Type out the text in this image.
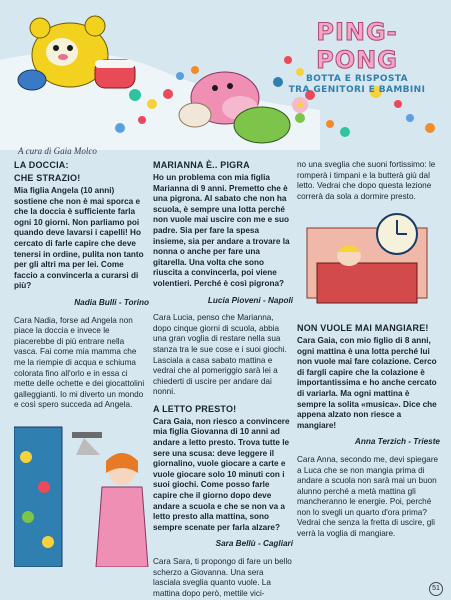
PING-PONG
BOTTA E RISPOSTA
TRA GENITORI E BAMBINI
A cura di Gaia Molco
LA DOCCIA:
CHE STRAZIO!

Mia figlia Angela (10 anni) sostiene che non è mai sporca e che la doccia è sufficiente farla ogni 10 giorni. Non parliamo poi quando deve lavarsi i capelli! Ho cercato di farle capire che deve tenersi in ordine, pulita non tanto per gli altri ma per lei. Come faccio a convincerla a curarsi di più?

Nadia Bulli - Torino

Cara Nadia, forse ad Angela non piace la doccia e invece le piacerebbe di più entrare nella vasca. Fai come mia mamma che me la riempie di acqua e schiuma colorata fino all'orlo e in essa ci mette delle ochette e dei giocattolini galleggianti. Io mi diverto un mondo e così spero succeda ad Angela.

MARIANNA È.. PIGRA

Ho un problema con mia figlia Marianna di 9 anni. Premetto che è una pigrona. Al sabato che non ha scuola, è sempre una lotta perché non vuole mai uscire con me e suo padre. Sia per fare la spesa insieme, sia per andare a trovare la nonna o anche per fare una gitarella. Una volta che sono riuscita a convincerla, poi viene volentieri. Perché è così pigrona?

Lucia Pioveni - Napoli

Cara Lucia, penso che Marianna, dopo cinque giorni di scuola, abbia una gran voglia di restare nella sua stanza tra le sue cose e i suoi giochi. Lasciala a casa sabato mattina e vedrai che al pomeriggio sarà lei a chiederti di uscire per andare dai nonni.

A LETTO PRESTO!

Cara Gaia, non riesco a convincere mia figlia Giovanna di 10 anni ad andare a letto presto. Trova tutte le sere una scusa: deve leggere il giornalino, vuole giocare a carte e vuole giocare solo 10 minuti con i suoi giochi. Come posso farle capire che il giorno dopo deve andare a scuola e che se non va a letto presto alla mattina, sono sempre scenate per farla alzare?

Sara Bellù - Cagliari

Cara Sara, ti propongo di fare un bello scherzo a Giovanna. Una sera lasciala sveglia quanto vuole. La mattina dopo però, mettile vici-

no una sveglia che suoni fortissimo: le romperà i timpani e la butterà giù dal letto. Vedrai che dopo questa lezione correrà da sola a dormire presto.

NON VUOLE MAI MANGIARE!

Cara Gaia, con mio figlio di 8 anni, ogni mattina è una lotta perché lui non vuole mai fare colazione. Cerco di fargli capire che la colazione è importantissima e ho anche cercato di variarla. Ma ogni mattina è sempre la solita «musica». Dice che appena alzato non riesce a mangiare!

Anna Terzich - Trieste

Cara Anna, secondo me, devi spiegare a Luca che se non mangia prima di andare a scuola non sarà mai un buon alunno perché a metà mattina gli mancheranno le energie. Poi, perché non lo svegli un quarto d'ora prima? Vedrai che senza la fretta di uscire, gli verrà la voglia di mangiare.

51
